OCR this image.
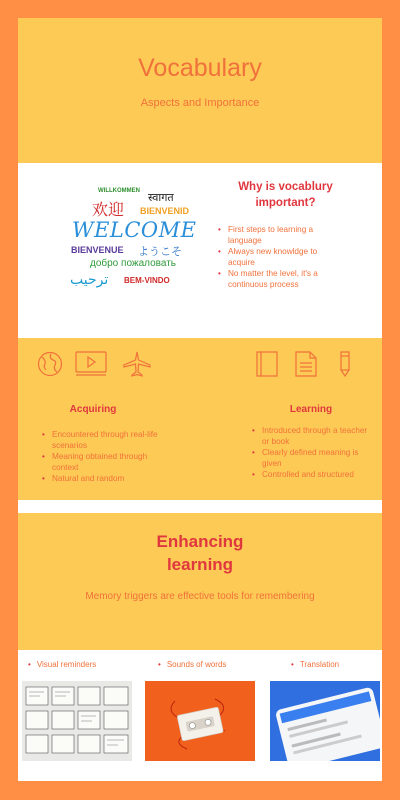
Vocabulary
Aspects and Importance
WILLKOMMEN
स्वागत
欢迎 BIENVENID
WELCOME
BIENVENUE ようこそ
добро пожаловать
ترحيب BEM-VINDO
Why is vocablury important?
• First steps to learning a language
• Always new knowldge to acquire
• No matter the level, it's a continuous process
Acquiring
• Encountered through real-life scenarios
• Meaning obtained through context
• Natural and random
Learning
• Introduced through a teacher or book
• Clearly defined meaning is given
• Controlled and structured
Enhancing learning
Memory triggers are effective tools for remembering
• Visual reminders	• Sounds of words	• Translation
